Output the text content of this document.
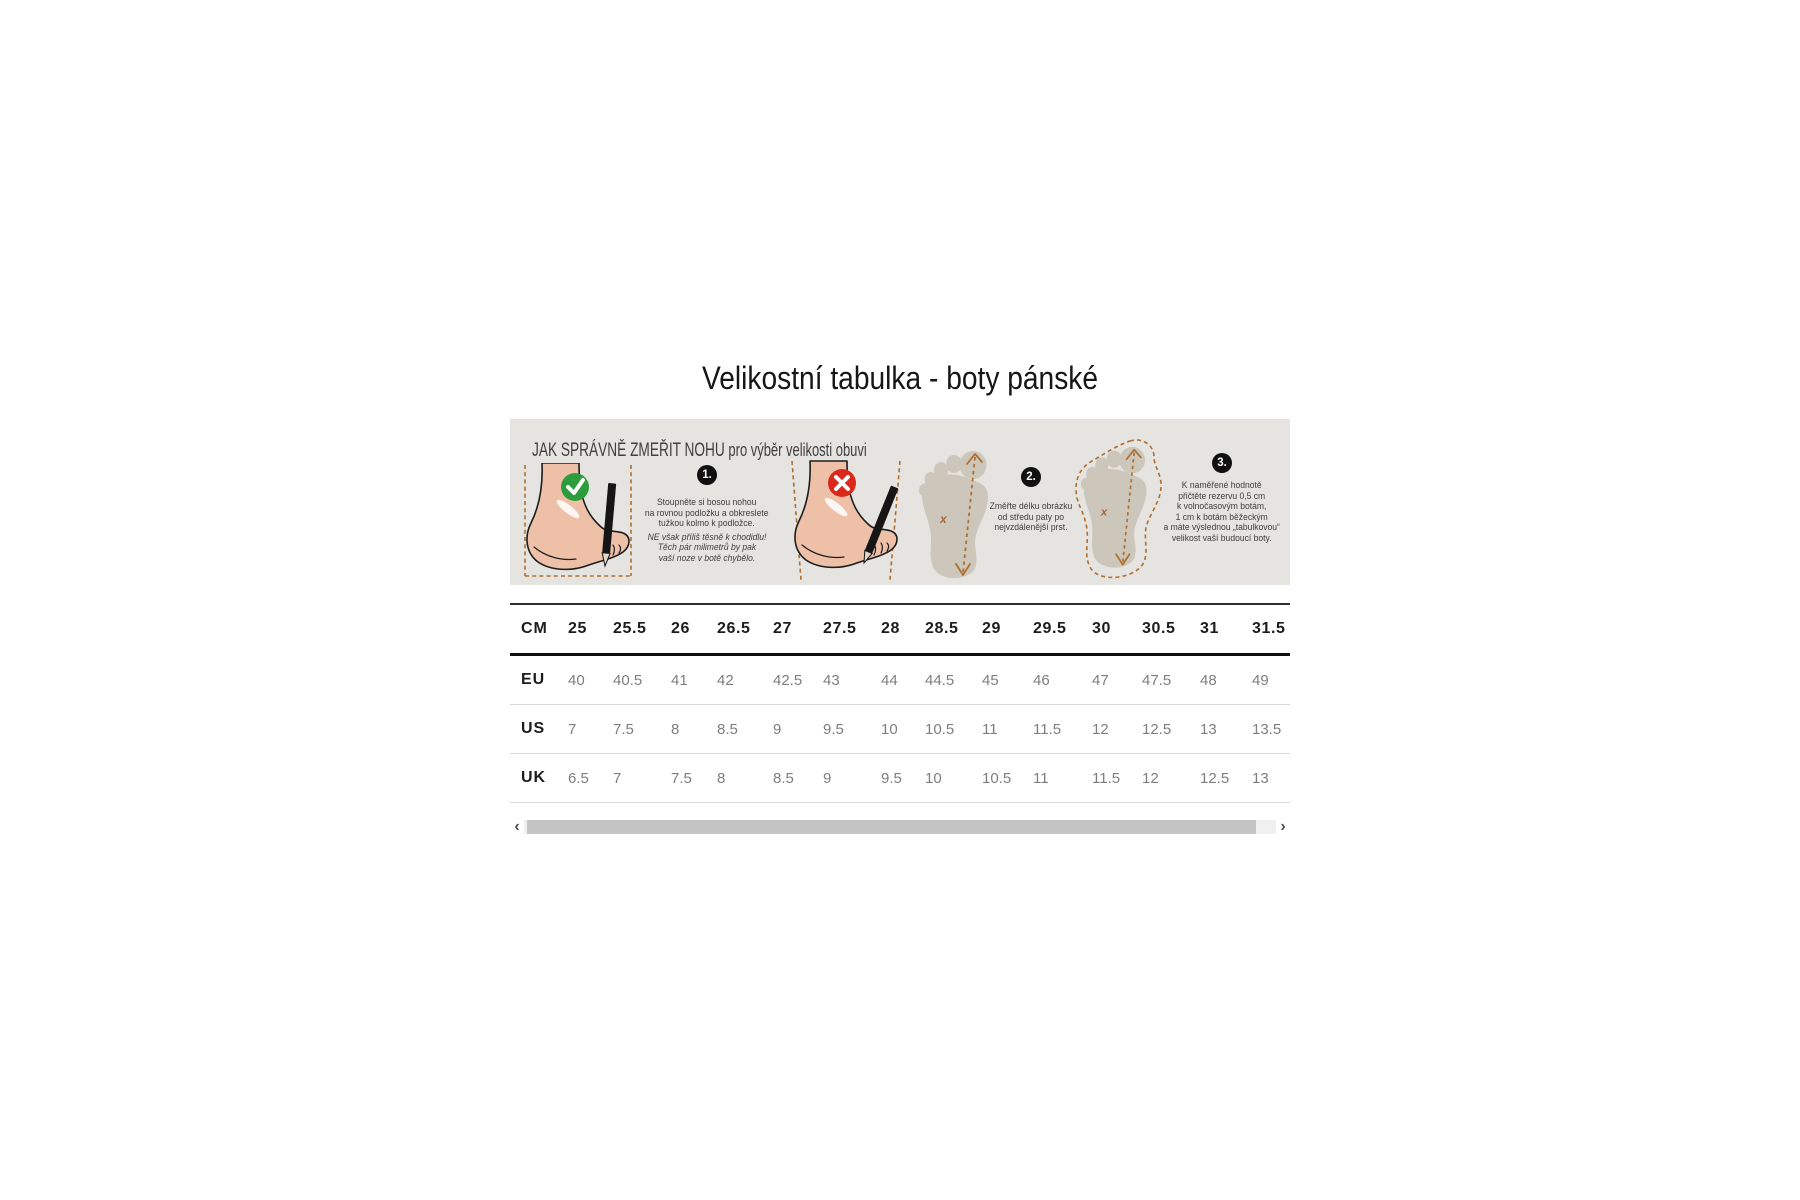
Velikostní tabulka - boty pánské
JAK SPRÁVNĚ ZMEŘIT NOHU pro výběr velikosti obuvi
1.
Stoupněte si bosou nohou
na rovnou podložku a obkreslete
tužkou kolmo k podložce.
NE však příliš těsně k chodidlu!
Těch pár milimetrů by pak
vaší noze v botě chybělo.
x
2.
Změřte délku obrázku
od středu paty po
nejvzdálenější prst.
x
3.
K naměřené hodnotě
přičtěte rezervu 0,5 cm
k volnočasovým botám,
1 cm k botám běžeckým
a máte výslednou „tabulkovou“
velikost vaší budoucí boty.
CM	25	25.5	26	26.5	27	27.5	28	28.5	29	29.5	30	30.5	31	31.5
EU	40	40.5	41	42	42.5	43	44	44.5	45	46	47	47.5	48	49
US	7	7.5	8	8.5	9	9.5	10	10.5	11	11.5	12	12.5	13	13.5
UK	6.5	7	7.5	8	8.5	9	9.5	10	10.5	11	11.5	12	12.5	13
‹	›
